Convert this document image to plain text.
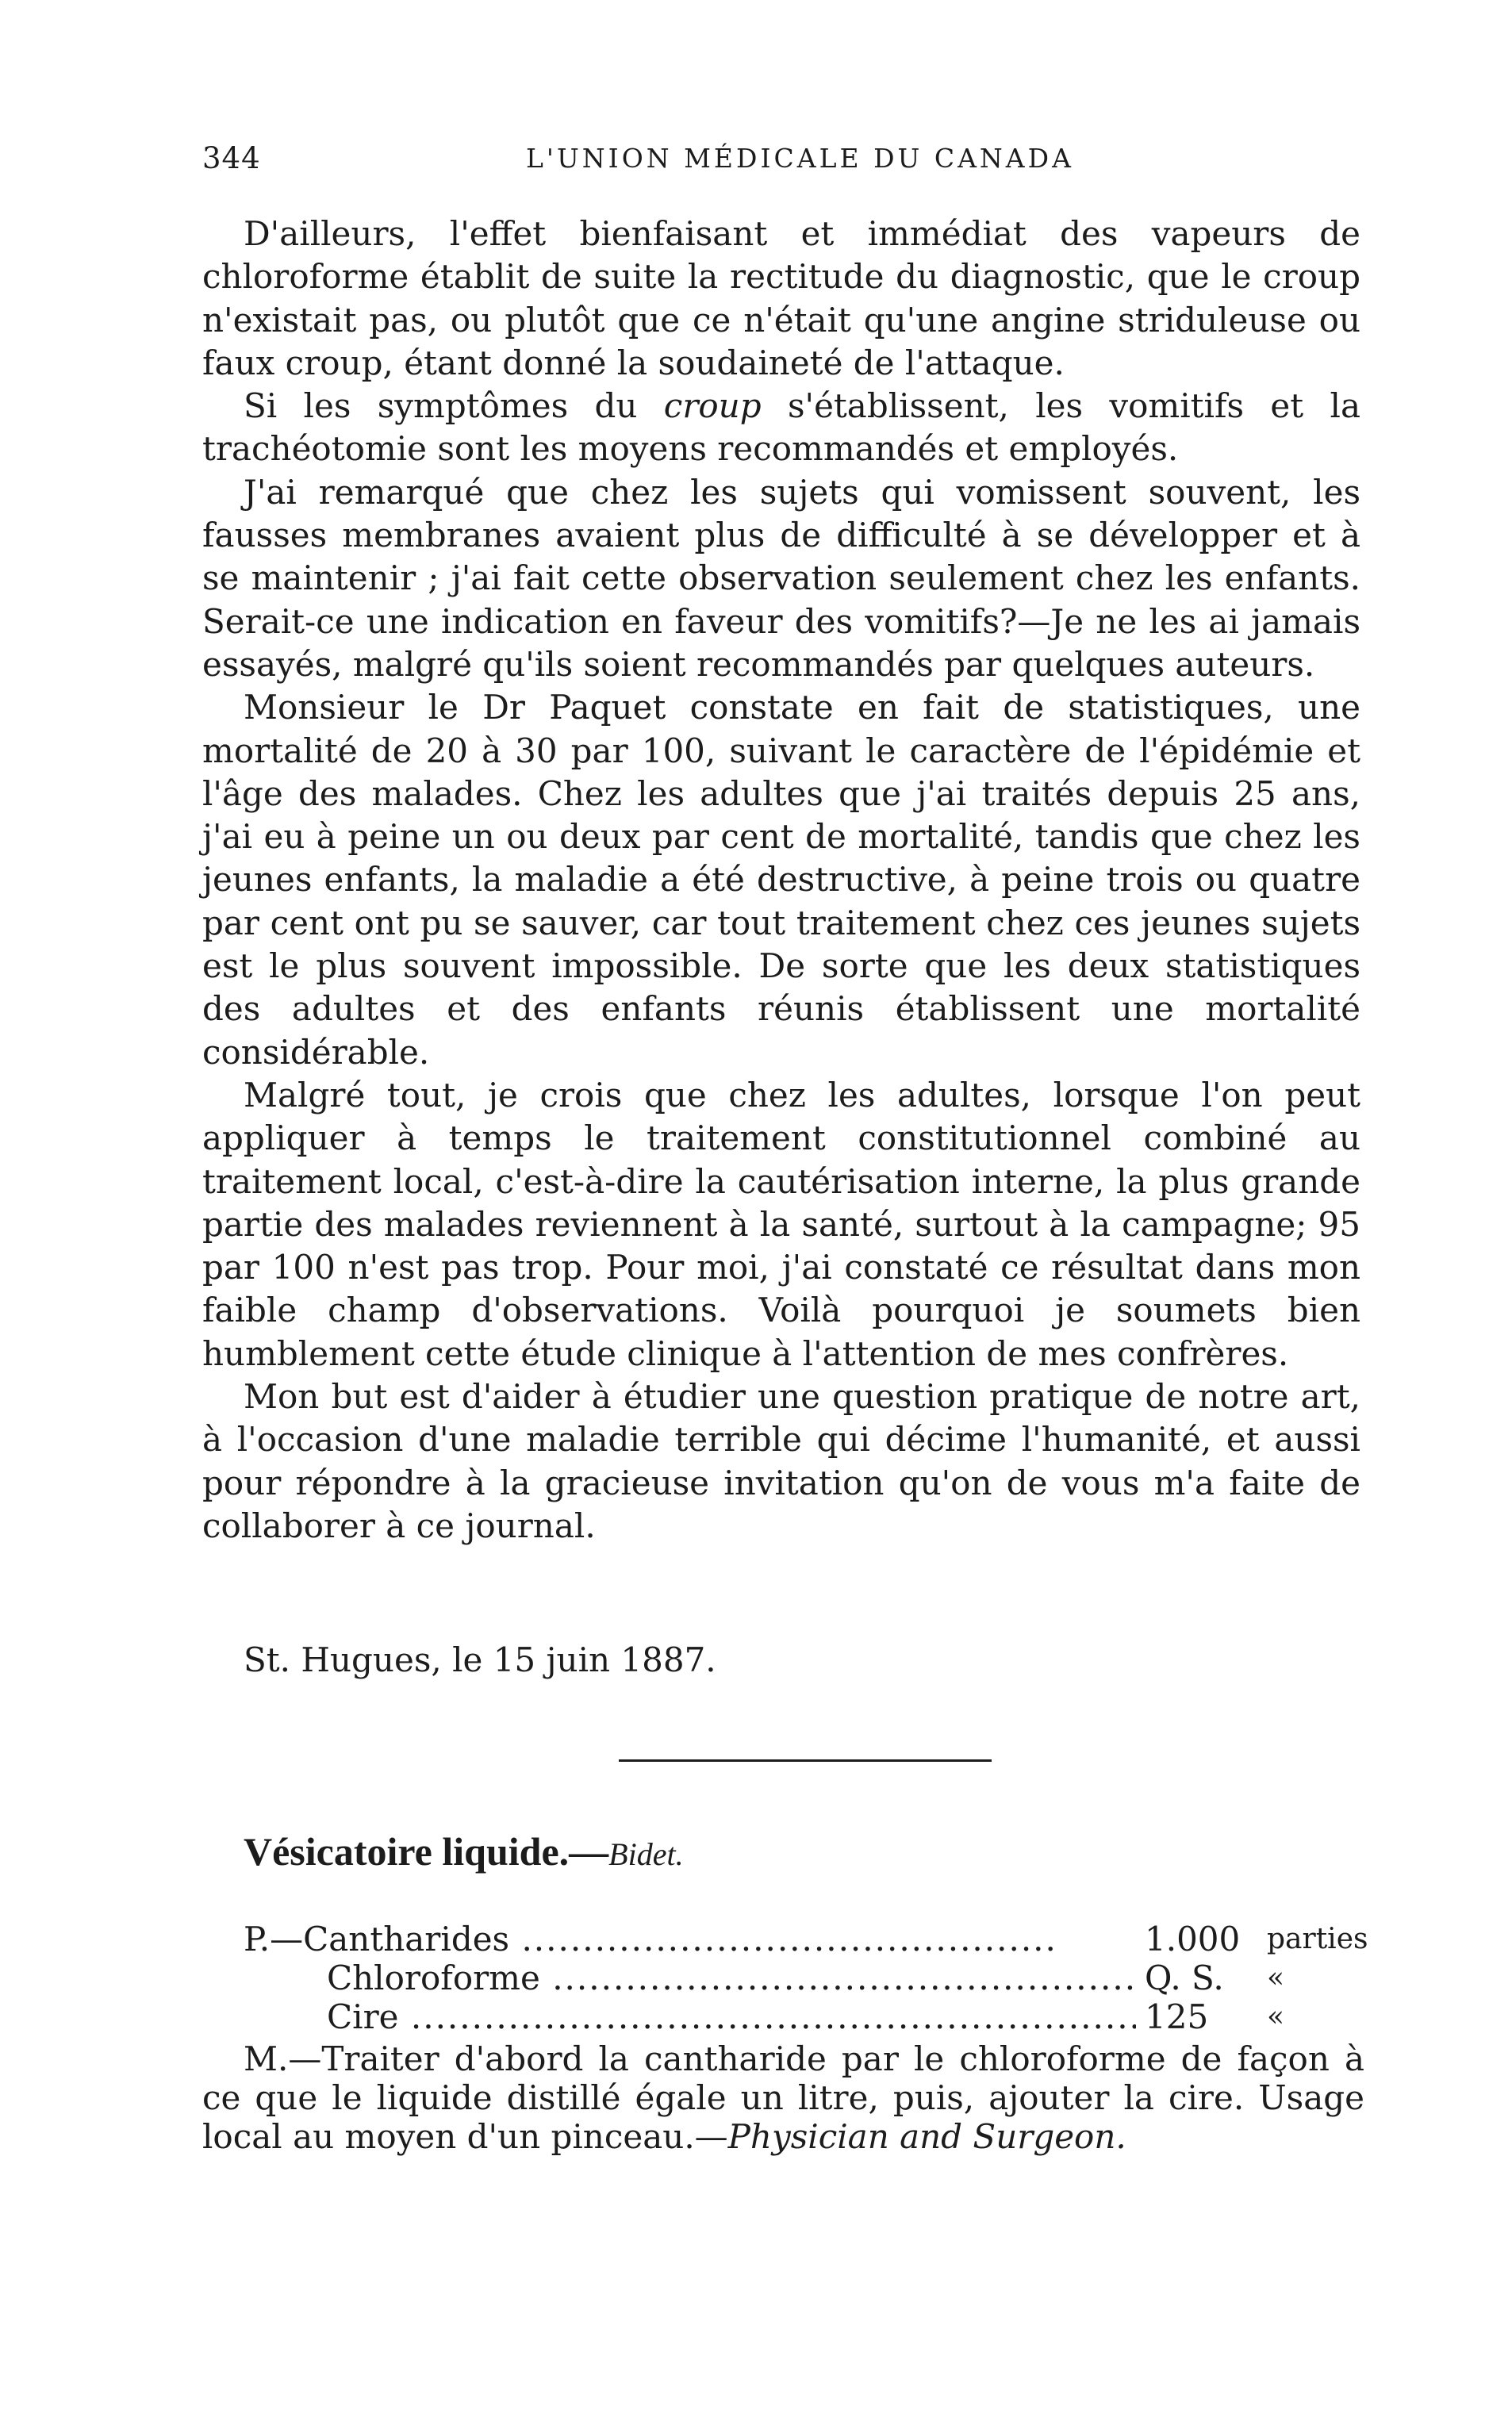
344	L'UNION MÉDICALE DU CANADA

D'ailleurs, l'effet bienfaisant et immédiat des vapeurs de chloroforme établit de suite la rectitude du diagnostic, que le croup n'existait pas, ou plutôt que ce n'était qu'une angine striduleuse ou faux croup, étant donné la soudaineté de l'attaque.

Si les symptômes du croup s'établissent, les vomitifs et la trachéotomie sont les moyens recommandés et employés.

J'ai remarqué que chez les sujets qui vomissent souvent, les fausses membranes avaient plus de difficulté à se développer et à se maintenir ; j'ai fait cette observation seulement chez les enfants. Serait-ce une indication en faveur des vomitifs?—Je ne les ai jamais essayés, malgré qu'ils soient recommandés par quelques auteurs.

Monsieur le Dr Paquet constate en fait de statistiques, une mortalité de 20 à 30 par 100, suivant le caractère de l'épidémie et l'âge des malades. Chez les adultes que j'ai traités depuis 25 ans, j'ai eu à peine un ou deux par cent de mortalité, tandis que chez les jeunes enfants, la maladie a été destructive, à peine trois ou quatre par cent ont pu se sauver, car tout traitement chez ces jeunes sujets est le plus souvent impossible. De sorte que les deux statistiques des adultes et des enfants réunis établissent une mortalité considérable.

Malgré tout, je crois que chez les adultes, lorsque l'on peut appliquer à temps le traitement constitutionnel combiné au traitement local, c'est-à-dire la cautérisation interne, la plus grande partie des malades reviennent à la santé, surtout à la campagne; 95 par 100 n'est pas trop. Pour moi, j'ai constaté ce résultat dans mon faible champ d'observations. Voilà pourquoi je soumets bien humblement cette étude clinique à l'attention de mes confrères.

Mon but est d'aider à étudier une question pratique de notre art, à l'occasion d'une maladie terrible qui décime l'humanité, et aussi pour répondre à la gracieuse invitation qu'on de vous m'a faite de collaborer à ce journal.

St. Hugues, le 15 juin 1887.
Vésicatoire liquide.—Bidet.
P.—Cantharides .....	1.000 parties
Chloroforme .....	Q. S. «
Cire .....	125	«

M.—Traiter d'abord la cantharide par le chloroforme de façon à ce que le liquide distillé égale un litre, puis, ajouter la cire. Usage local au moyen d'un pinceau.—Physician and Surgeon.
